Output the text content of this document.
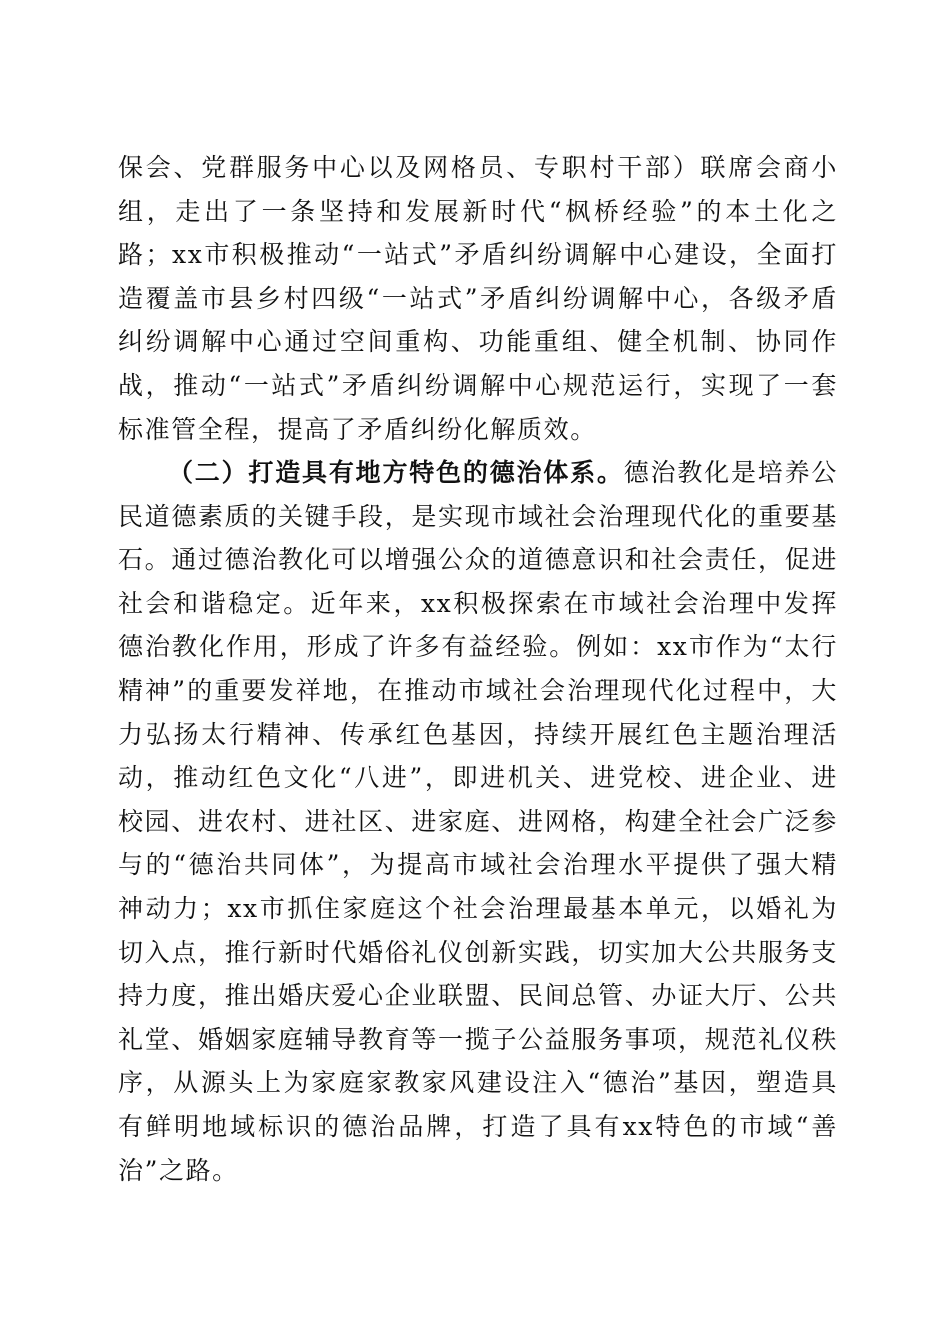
保会、党群服务中心以及网格员、专职村干部）联席会商小组，走出了一条坚持和发展新时代“枫桥经验”的本土化之路；xx市积极推动“一站式”矛盾纠纷调解中心建设，全面打造覆盖市县乡村四级“一站式”矛盾纠纷调解中心，各级矛盾纠纷调解中心通过空间重构、功能重组、健全机制、协同作战，推动“一站式”矛盾纠纷调解中心规范运行，实现了一套标准管全程，提高了矛盾纠纷化解质效。

（二）打造具有地方特色的德治体系。德治教化是培养公民道德素质的关键手段，是实现市域社会治理现代化的重要基石。通过德治教化可以增强公众的道德意识和社会责任，促进社会和谐稳定。近年来，xx积极探索在市域社会治理中发挥德治教化作用，形成了许多有益经验。例如：xx市作为“太行精神”的重要发祥地，在推动市域社会治理现代化过程中，大力弘扬太行精神、传承红色基因，持续开展红色主题治理活动，推动红色文化“八进”，即进机关、进党校、进企业、进校园、进农村、进社区、进家庭、进网格，构建全社会广泛参与的“德治共同体”，为提高市域社会治理水平提供了强大精神动力；xx市抓住家庭这个社会治理最基本单元，以婚礼为切入点，推行新时代婚俗礼仪创新实践，切实加大公共服务支持力度，推出婚庆爱心企业联盟、民间总管、办证大厅、公共礼堂、婚姻家庭辅导教育等一揽子公益服务事项，规范礼仪秩序，从源头上为家庭家教家风建设注入“德治”基因，塑造具有鲜明地域标识的德治品牌，打造了具有xx特色的市域“善治”之路。
